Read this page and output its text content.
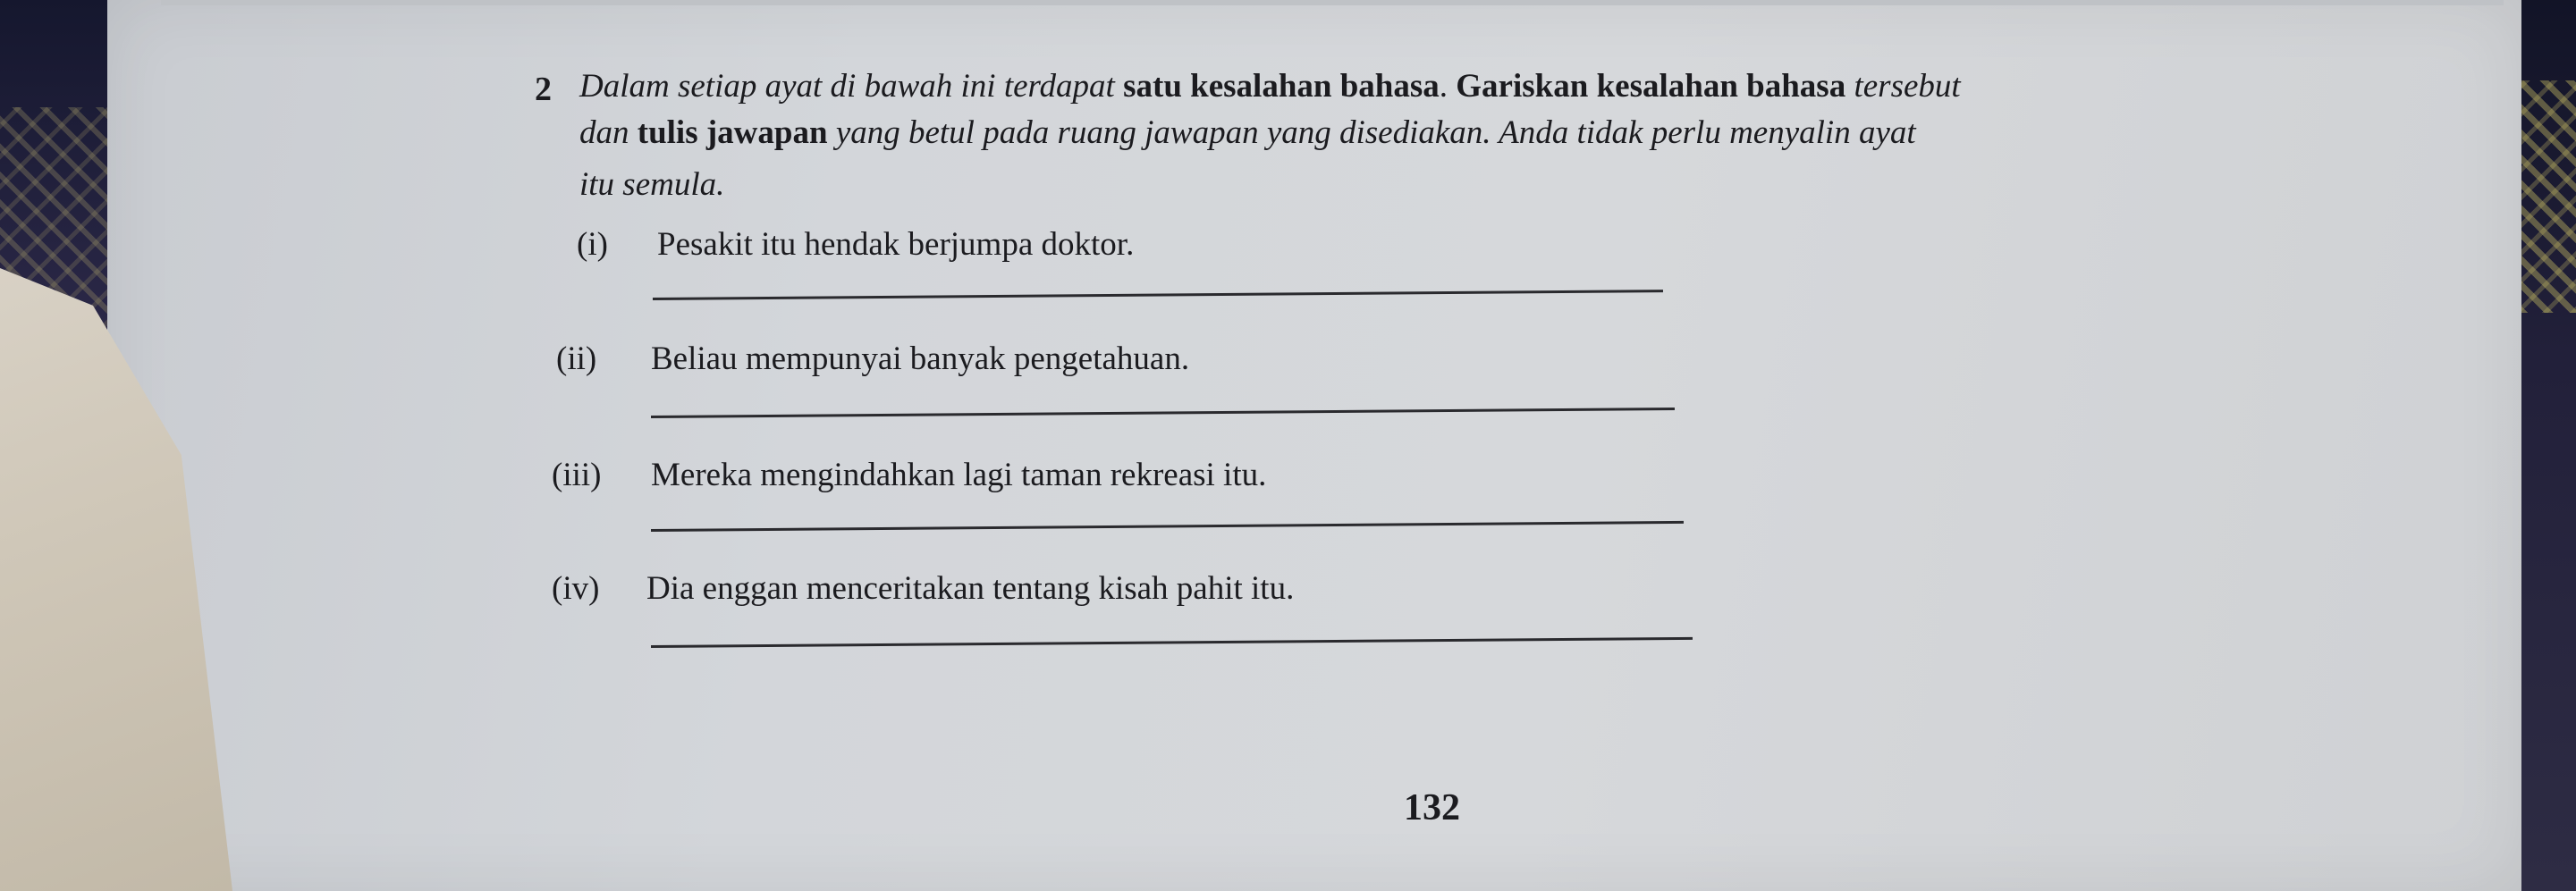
2 Dalam setiap ayat di bawah ini terdapat satu kesalahan bahasa. Gariskan kesalahan bahasa tersebut
dan tulis jawapan yang betul pada ruang jawapan yang disediakan. Anda tidak perlu menyalin ayat
itu semula.
(i) Pesakit itu hendak berjumpa doktor.
(ii) Beliau mempunyai banyak pengetahuan.
(iii) Mereka mengindahkan lagi taman rekreasi itu.
(iv) Dia enggan menceritakan tentang kisah pahit itu.
132
